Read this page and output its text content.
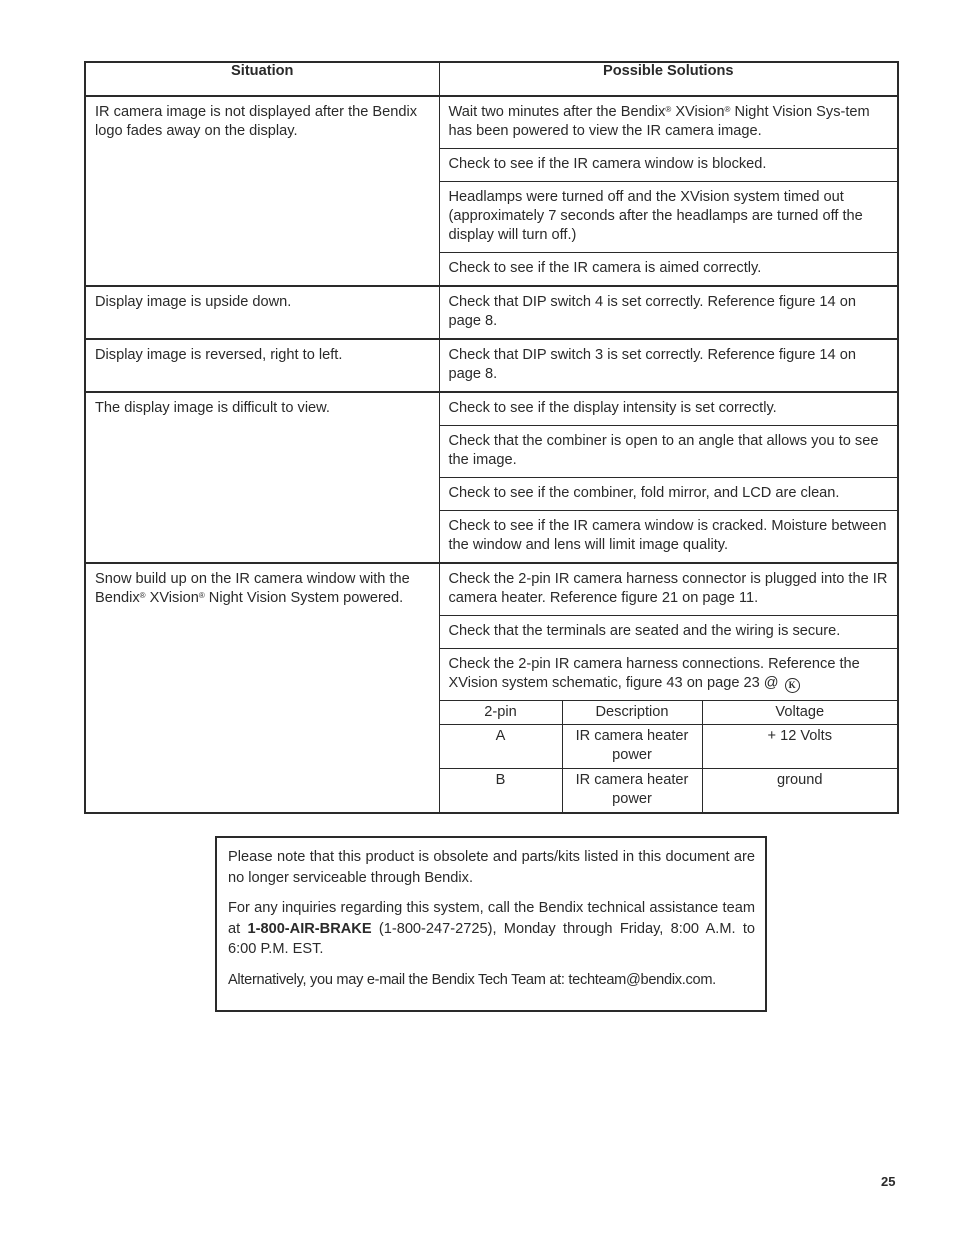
Situation	Possible Solutions		
IR camera image is not displayed after the Bendix logo fades away on the display.	Wait two minutes after the Bendix® XVision® Night Vision Sys-tem has been powered to view the IR camera image.		
	Check to see if the IR camera window is blocked.		
	Headlamps were turned off and the XVision system timed out (approximately 7 seconds after the headlamps are turned off the display will turn off.)		
	Check to see if the IR camera is aimed correctly.		
Display image is upside down.	Check that DIP switch 4 is set correctly. Reference figure 14 on page 8.		
Display image is reversed, right to left.	Check that DIP switch 3 is set correctly. Reference figure 14 on page 8.		
The display image is difficult to view.	Check to see if the display intensity is set correctly.		
	Check that the combiner is open to an angle that allows you to see the image.		
	Check to see if the combiner, fold mirror, and LCD are clean.		
	Check to see if the IR camera window is cracked. Moisture between the window and lens will limit image quality.		
Snow build up on the IR camera window with the Bendix® XVision® Night Vision System powered.	Check the 2-pin IR camera harness connector is plugged into the IR camera heater. Reference figure 21 on page 11.		
	Check that the terminals are seated and the wiring is secure.		
	Check the 2-pin IR camera harness connections. Reference the XVision system schematic, figure 43 on page 23 @ K		
	2-pin	Description	Voltage
	A	IR camera heater power	+ 12 Volts
	B	IR camera heater power	ground

Please note that this product is obsolete and parts/kits listed in this document are no longer serviceable through Bendix.

For any inquiries regarding this system, call the Bendix technical assistance team at 1-800-AIR-BRAKE (1-800-247-2725), Monday through Friday, 8:00 A.M. to 6:00 P.M. EST.

Alternatively, you may e-mail the Bendix Tech Team at: techteam@bendix.com.

25
